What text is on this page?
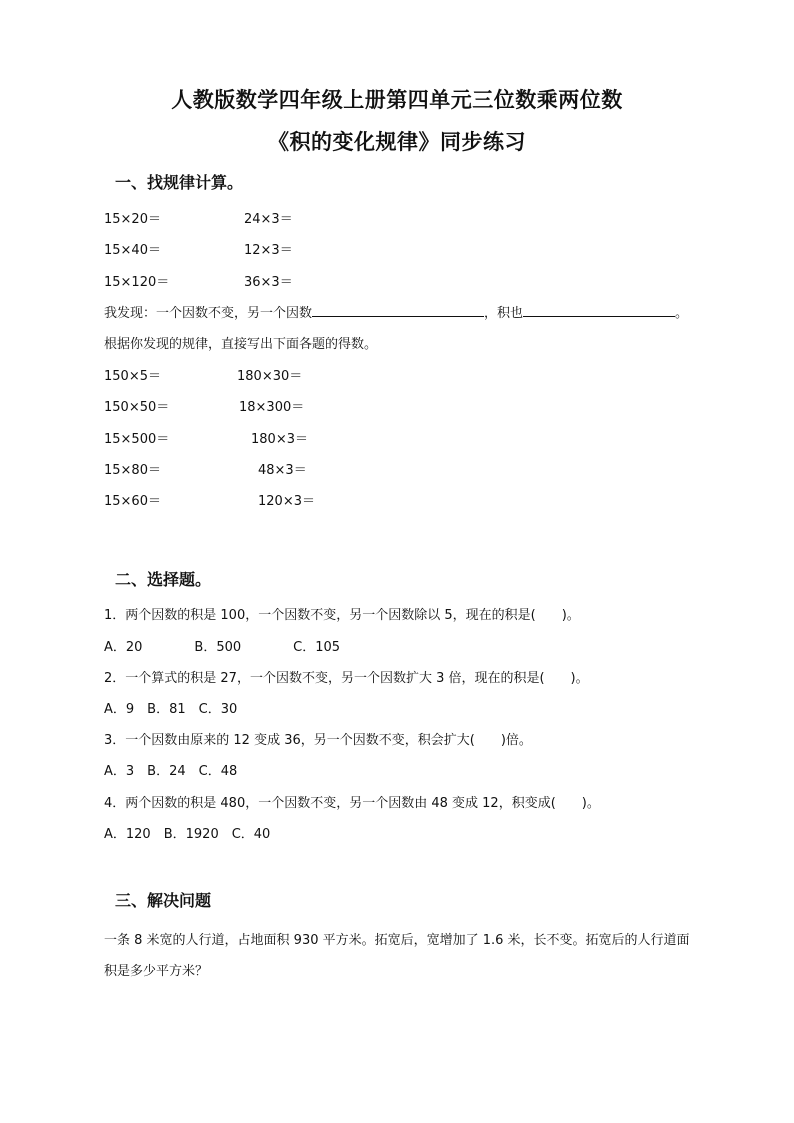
人教版数学四年级上册第四单元三位数乘两位数
《积的变化规律》同步练习
一、找规律计算。
15×20＝	24×3＝
15×40＝	12×3＝
15×120＝	36×3＝
我发现：一个因数不变，另一个因数	，积也	。
根据你发现的规律，直接写出下面各题的得数。
150×5＝	180×30＝
150×50＝	18×300＝
15×500＝	180×3＝
15×80＝	48×3＝
15×60＝	120×3＝
二、选择题。
1．两个因数的积是 100，一个因数不变，另一个因数除以 5，现在的积是(　　)。
A．20　　　　B．500　　　　C．105
2．一个算式的积是 27，一个因数不变，另一个因数扩大 3 倍，现在的积是(　　)。
A．9　B．81　C．30
3．一个因数由原来的 12 变成 36，另一个因数不变，积会扩大(　　)倍。
A．3　B．24　C．48
4．两个因数的积是 480，一个因数不变，另一个因数由 48 变成 12，积变成(　　)。
A．120　B．1920　C．40
三、解决问题
一条 8 米宽的人行道，占地面积 930 平方米。拓宽后，宽增加了 1.6 米，长不变。拓宽后的人行道面
积是多少平方米？
